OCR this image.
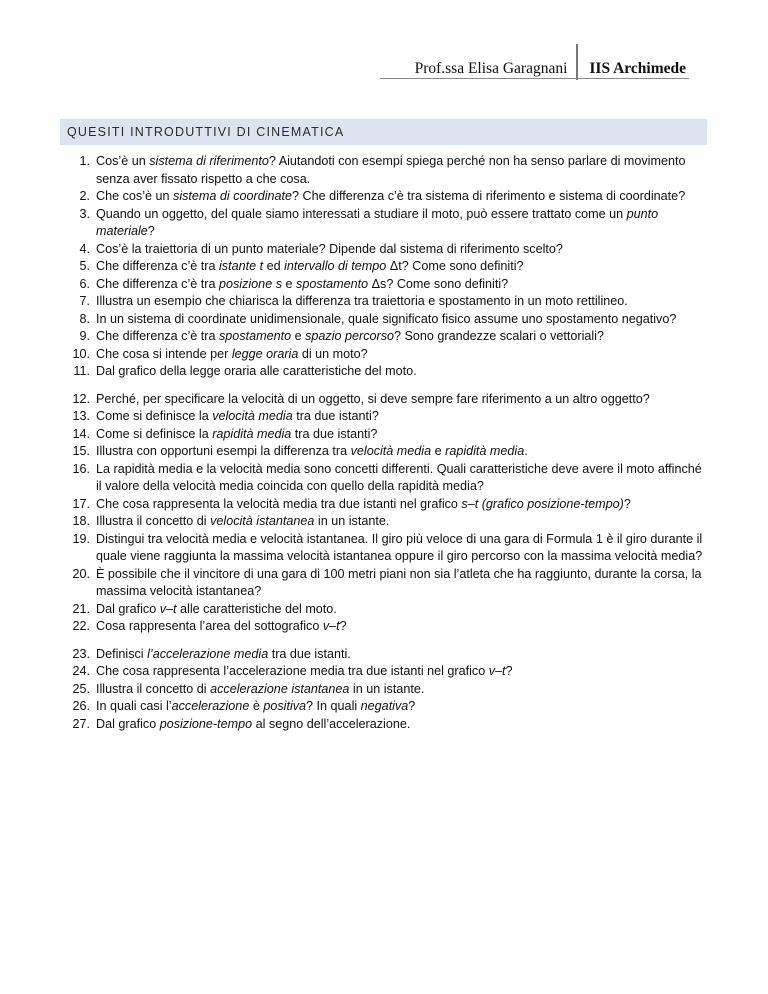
Prof.ssa Elisa Garagnani	IIS Archimede
QUESITI INTRODUTTIVI DI CINEMATICA
1. Cos’è un sistema di riferimento? Aiutandoti con esempi spiega perché non ha senso parlare di movimento senza aver fissato rispetto a che cosa.
2. Che cos’è un sistema di coordinate? Che differenza c’è tra sistema di riferimento e sistema di coordinate?
3. Quando un oggetto, del quale siamo interessati a studiare il moto, può essere trattato come un punto materiale?
4. Cos’è la traiettoria di un punto materiale? Dipende dal sistema di riferimento scelto?
5. Che differenza c’è tra istante t ed intervallo di tempo Δt? Come sono definiti?
6. Che differenza c’è tra posizione s e spostamento Δs? Come sono definiti?
7. Illustra un esempio che chiarisca la differenza tra traiettoria e spostamento in un moto rettilineo.
8. In un sistema di coordinate unidimensionale, quale significato fisico assume uno spostamento negativo?
9. Che differenza c’è tra spostamento e spazio percorso? Sono grandezze scalari o vettoriali?
10. Che cosa si intende per legge oraria di un moto?
11. Dal grafico della legge oraria alle caratteristiche del moto.
12. Perché, per specificare la velocità di un oggetto, si deve sempre fare riferimento a un altro oggetto?
13. Come si definisce la velocità media tra due istanti?
14. Come si definisce la rapidità media tra due istanti?
15. Illustra con opportuni esempi la differenza tra velocità media e rapidità media.
16. La rapidità media e la velocità media sono concetti differenti. Quali caratteristiche deve avere il moto affinché il valore della velocità media coincida con quello della rapidità media?
17. Che cosa rappresenta la velocità media tra due istanti nel grafico s–t (grafico posizione-tempo)?
18. Illustra il concetto di velocità istantanea in un istante.
19. Distingui tra velocità media e velocità istantanea. Il giro più veloce di una gara di Formula 1 è il giro durante il quale viene raggiunta la massima velocità istantanea oppure il giro percorso con la massima velocità media?
20. È possibile che il vincitore di una gara di 100 metri piani non sia l’atleta che ha raggiunto, durante la corsa, la massima velocità istantanea?
21. Dal grafico v–t alle caratteristiche del moto.
22. Cosa rappresenta l’area del sottografico v–t?
23. Definisci l’accelerazione media tra due istanti.
24. Che cosa rappresenta l’accelerazione media tra due istanti nel grafico v–t?
25. Illustra il concetto di accelerazione istantanea in un istante.
26. In quali casi l’accelerazione è positiva? In quali negativa?
27. Dal grafico posizione-tempo al segno dell’accelerazione.
